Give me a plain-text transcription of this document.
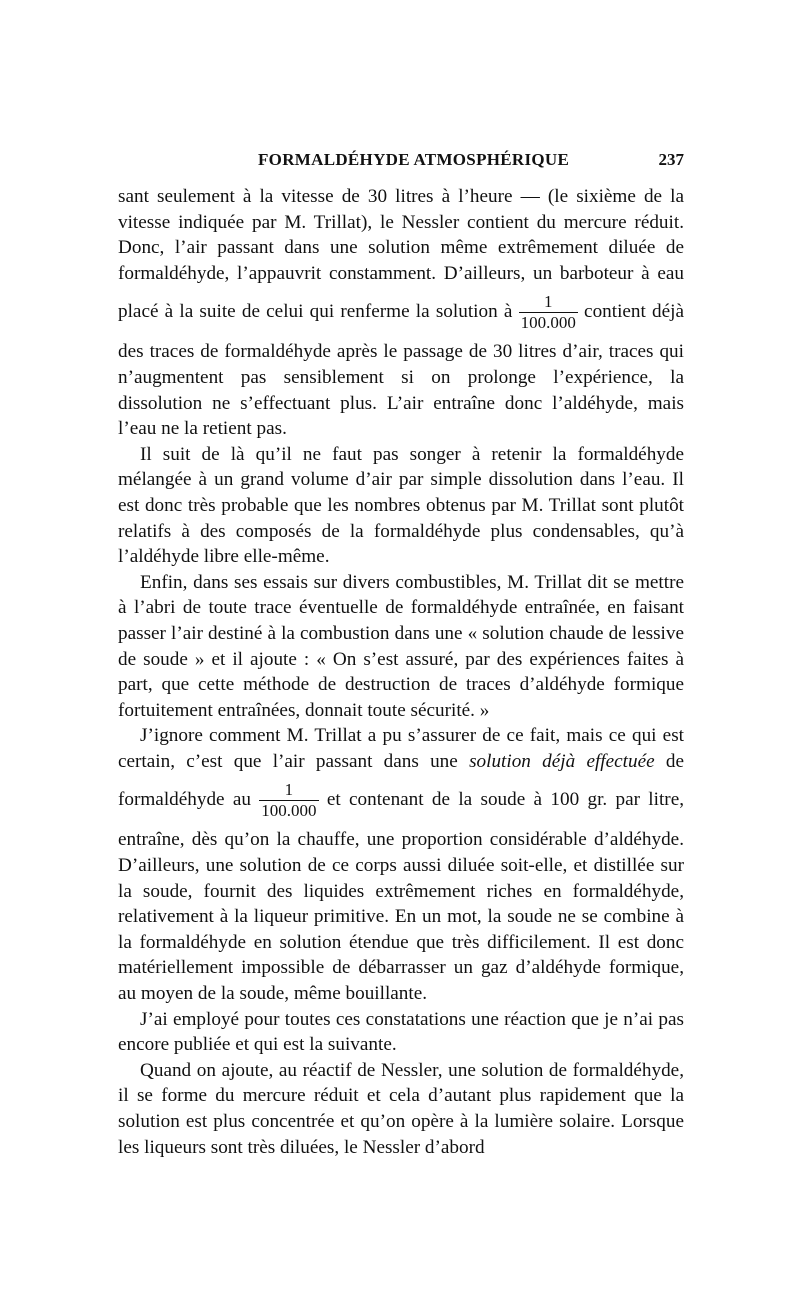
FORMALDÉHYDE ATMOSPHÉRIQUE	237

sant seulement à la vitesse de 30 litres à l’heure — (le sixième de la vitesse indiquée par M. Trillat), le Nessler contient du mercure réduit. Donc, l’air passant dans une solution même extrêmement diluée de formaldéhyde, l’appauvrit constamment. D’ailleurs, un barboteur à eau placé à la suite de celui qui renferme la solution à $\frac{1}{100.000}$ contient déjà des traces de formaldéhyde après le passage de 30 litres d’air, traces qui n’augmentent pas sensiblement si on prolonge l’expérience, la dissolution ne s’effectuant plus. L’air entraîne donc l’aldéhyde, mais l’eau ne la retient pas.

Il suit de là qu’il ne faut pas songer à retenir la formaldéhyde mélangée à un grand volume d’air par simple dissolution dans l’eau. Il est donc très probable que les nombres obtenus par M. Trillat sont plutôt relatifs à des composés de la formaldéhyde plus condensables, qu’à l’aldéhyde libre elle-même.

Enfin, dans ses essais sur divers combustibles, M. Trillat dit se mettre à l’abri de toute trace éventuelle de formaldéhyde entraînée, en faisant passer l’air destiné à la combustion dans une « solution chaude de lessive de soude » et il ajoute : « On s’est assuré, par des expériences faites à part, que cette méthode de destruction de traces d’aldéhyde formique fortuitement entraînées, donnait toute sécurité. »

J’ignore comment M. Trillat a pu s’assurer de ce fait, mais ce qui est certain, c’est que l’air passant dans une solution déjà effectuée de formaldéhyde au $\frac{1}{100.000}$ et contenant de la soude à 100 gr. par litre, entraîne, dès qu’on la chauffe, une proportion considérable d’aldéhyde. D’ailleurs, une solution de ce corps aussi diluée soit-elle, et distillée sur la soude, fournit des liquides extrêmement riches en formaldéhyde, relativement à la liqueur primitive. En un mot, la soude ne se combine à la formaldéhyde en solution étendue que très difficilement. Il est donc matériellement impossible de débarrasser un gaz d’aldéhyde formique, au moyen de la soude, même bouillante.

J’ai employé pour toutes ces constatations une réaction que je n’ai pas encore publiée et qui est la suivante.

Quand on ajoute, au réactif de Nessler, une solution de formaldéhyde, il se forme du mercure réduit et cela d’autant plus rapidement que la solution est plus concentrée et qu’on opère à la lumière solaire. Lorsque les liqueurs sont très diluées, le Nessler d’abord
